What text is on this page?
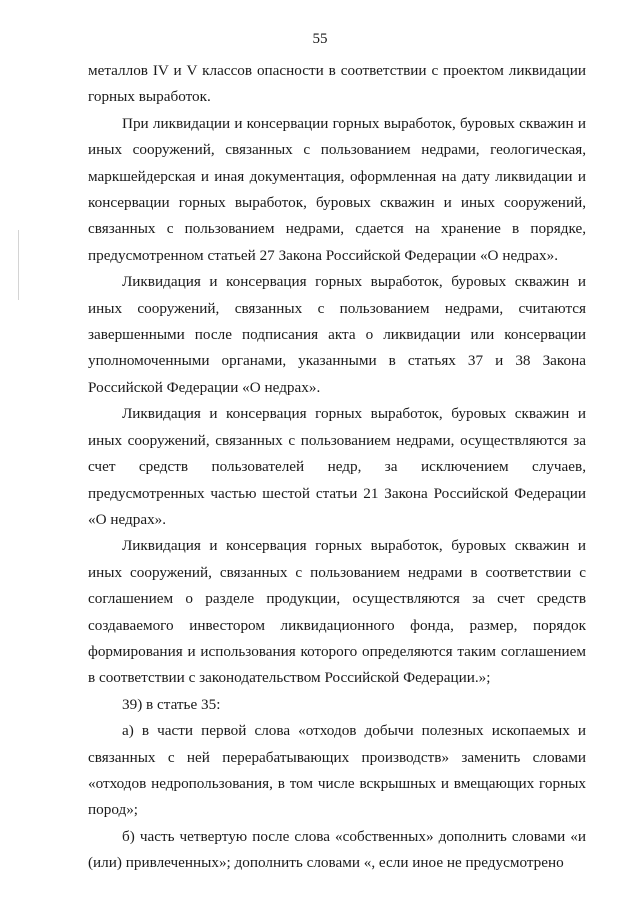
55

металлов IV и V классов опасности в соответствии с проектом ликвидации горных выработок.

При ликвидации и консервации горных выработок, буровых скважин и иных сооружений, связанных с пользованием недрами, геологическая, маркшейдерская и иная документация, оформленная на дату ликвидации и консервации горных выработок, буровых скважин и иных сооружений, связанных с пользованием недрами, сдается на хранение в порядке, предусмотренном статьей 27 Закона Российской Федерации «О недрах».

Ликвидация и консервация горных выработок, буровых скважин и иных сооружений, связанных с пользованием недрами, считаются завершенными после подписания акта о ликвидации или консервации уполномоченными органами, указанными в статьях 37 и 38 Закона Российской Федерации «О недрах».

Ликвидация и консервация горных выработок, буровых скважин и иных сооружений, связанных с пользованием недрами, осуществляются за счет средств пользователей недр, за исключением случаев, предусмотренных частью шестой статьи 21 Закона Российской Федерации «О недрах».

Ликвидация и консервация горных выработок, буровых скважин и иных сооружений, связанных с пользованием недрами в соответствии с соглашением о разделе продукции, осуществляются за счет средств создаваемого инвестором ликвидационного фонда, размер, порядок формирования и использования которого определяются таким соглашением в соответствии с законодательством Российской Федерации.»;

39) в статье 35:

а) в части первой слова «отходов добычи полезных ископаемых и связанных с ней перерабатывающих производств» заменить словами «отходов недропользования, в том числе вскрышных и вмещающих горных пород»;

б) часть четвертую после слова «собственных» дополнить словами «и (или) привлеченных»; дополнить словами «, если иное не предусмотрено
